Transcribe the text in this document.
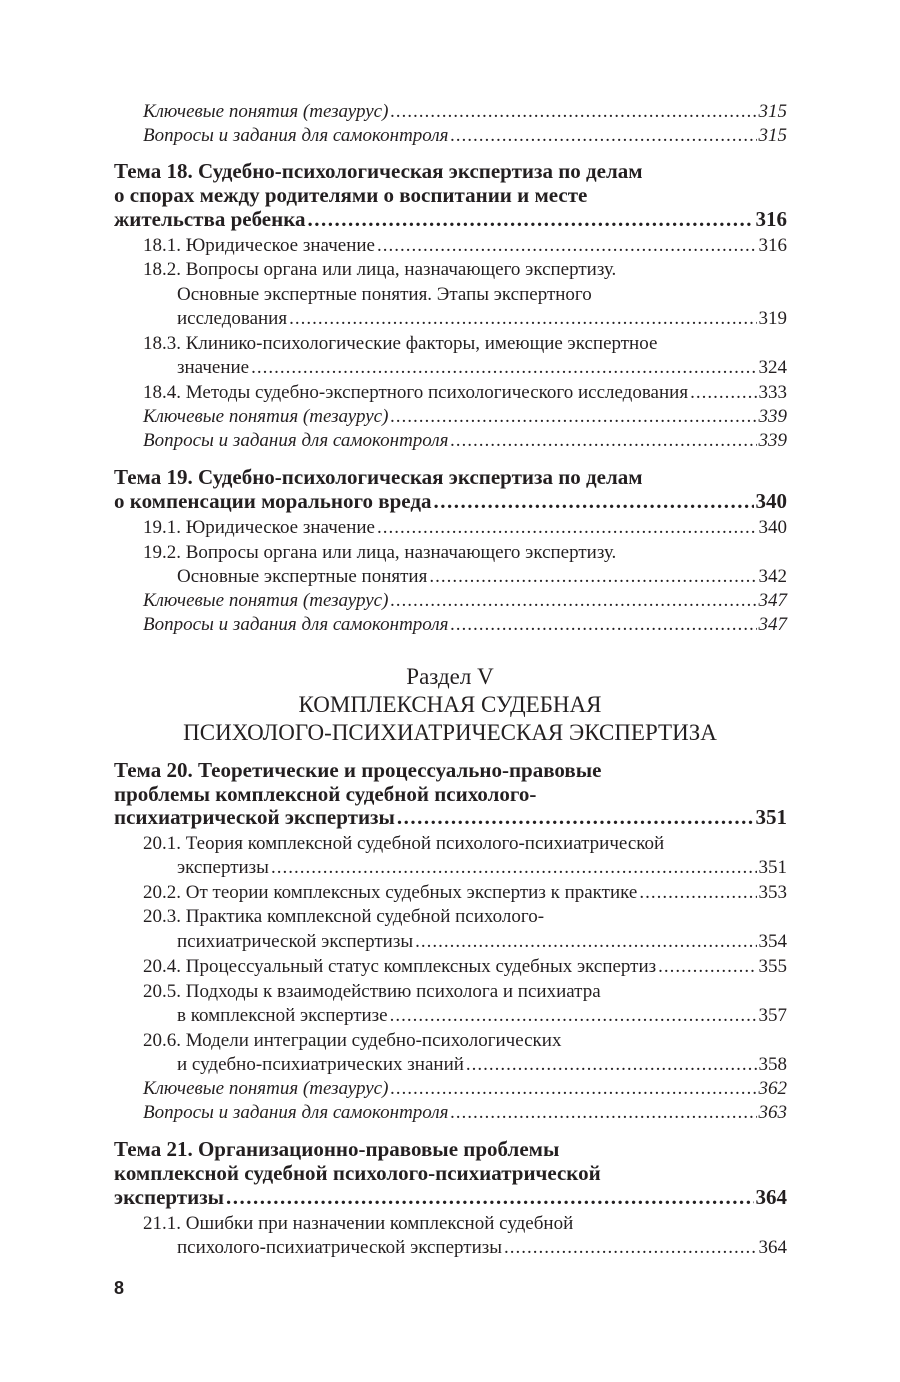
Ключевые понятия (тезаурус) .....	315
Вопросы и задания для самоконтроля .....	315
Тема 18. Судебно-психологическая экспертиза по делам
о спорах между родителями о воспитании и месте
жительства ребенка .....	316
18.1. Юридическое значение .....	316
18.2. Вопросы органа или лица, назначающего экспертизу.
Основные экспертные понятия. Этапы экспертного
исследования .....	319
18.3. Клинико-психологические факторы, имеющие экспертное
значение .....	324
18.4. Методы судебно-экспертного психологического исследования .....	333
Ключевые понятия (тезаурус) .....	339
Вопросы и задания для самоконтроля .....	339
Тема 19. Судебно-психологическая экспертиза по делам
о компенсации морального вреда .....	340
19.1. Юридическое значение .....	340
19.2. Вопросы органа или лица, назначающего экспертизу.
Основные экспертные понятия .....	342
Ключевые понятия (тезаурус) .....	347
Вопросы и задания для самоконтроля .....	347
Раздел V
КОМПЛЕКСНАЯ СУДЕБНАЯ
ПСИХОЛОГО-ПСИХИАТРИЧЕСКАЯ ЭКСПЕРТИЗА
Тема 20. Теоретические и процессуально-правовые
проблемы комплексной судебной психолого-
психиатрической экспертизы .....	351
20.1. Теория комплексной судебной психолого-психиатрической
экспертизы .....	351
20.2. От теории комплексных судебных экспертиз к практике .....	353
20.3. Практика комплексной судебной психолого-
психиатрической экспертизы .....	354
20.4. Процессуальный статус комплексных судебных экспертиз .....	355
20.5. Подходы к взаимодействию психолога и психиатра
в комплексной экспертизе .....	357
20.6. Модели интеграции судебно-психологических
и судебно-психиатрических знаний .....	358
Ключевые понятия (тезаурус) .....	362
Вопросы и задания для самоконтроля .....	363
Тема 21. Организационно-правовые проблемы
комплексной судебной психолого-психиатрической
экспертизы .....	364
21.1. Ошибки при назначении комплексной судебной
психолого-психиатрической экспертизы .....	364
8
